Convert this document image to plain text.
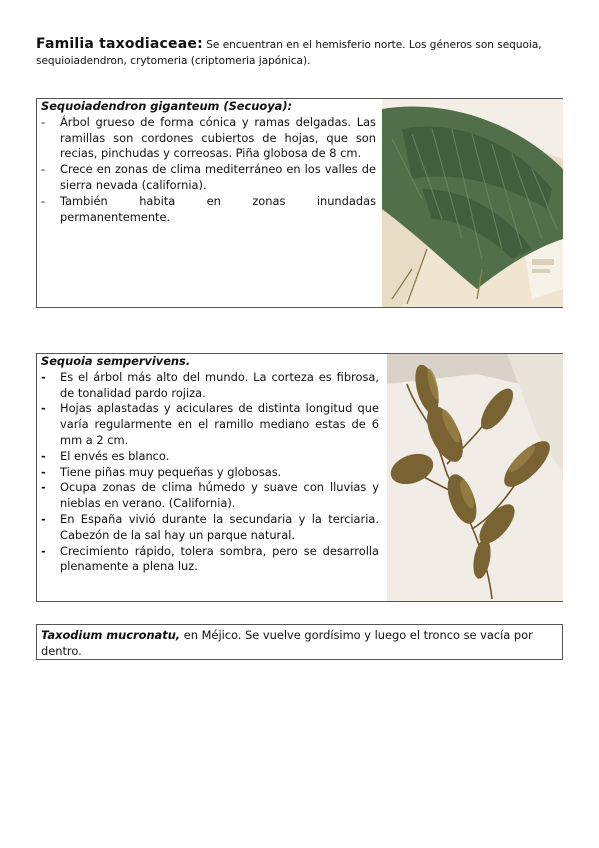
Familia taxodiaceae: Se encuentran en el hemisferio norte. Los géneros son sequoia, sequioiadendron, crytomeria (criptomeria japónica).
Sequoiadendron giganteum (Secuoya):
- Árbol grueso de forma cónica y ramas delgadas. Las ramillas son cordones cubiertos de hojas, que son recias, pinchudas y correosas. Piña globosa de 8 cm.
- Crece en zonas de clima mediterráneo en los valles de sierra nevada (california).
- También habita en zonas inundadas permanentemente.
Sequoia sempervivens.
- Es el árbol más alto del mundo. La corteza es fibrosa, de tonalidad pardo rojiza.
- Hojas aplastadas y aciculares de distinta longitud que varía regularmente en el ramillo mediano estas de 6 mm a 2 cm.
- El envés es blanco.
- Tiene piñas muy pequeñas y globosas.
- Ocupa zonas de clima húmedo y suave con lluvias y nieblas en verano. (California).
- En España vivió durante la secundaria y la terciaria. Cabezón de la sal hay un parque natural.
- Crecimiento rápido, tolera sombra, pero se desarrolla plenamente a plena luz.
Taxodium mucronatu, en Méjico. Se vuelve gordísimo y luego el tronco se vacía por dentro.
